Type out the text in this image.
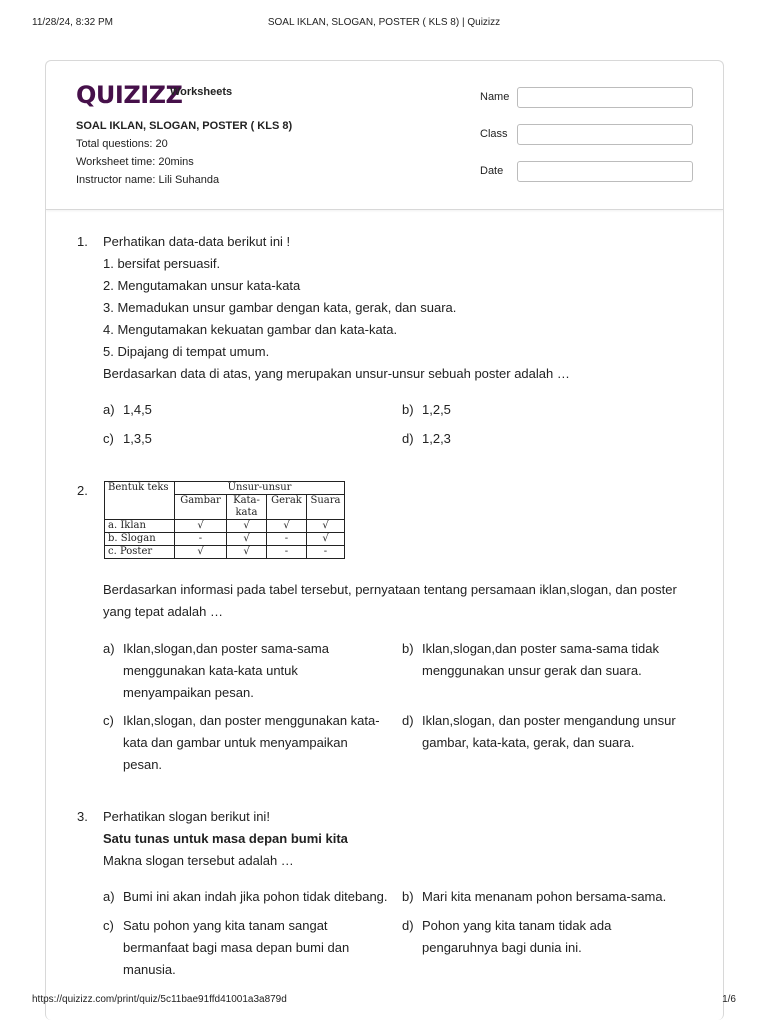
11/28/24, 8:32 PM	SOAL IKLAN, SLOGAN, POSTER ( KLS 8) | Quizizz
QUIZIZZ
Worksheets
SOAL IKLAN, SLOGAN, POSTER ( KLS 8)
Total questions: 20
Worksheet time: 20mins
Instructor name: Lili Suhanda
Name
Class
Date
1. Perhatikan data-data berikut ini !
1. bersifat persuasif.
2. Mengutamakan unsur kata-kata
3. Memadukan unsur gambar dengan kata, gerak, dan suara.
4. Mengutamakan kekuatan gambar dan kata-kata.
5. Dipajang di tempat umum.
Berdasarkan data di atas, yang merupakan unsur-unsur sebuah poster adalah …
a) 1,4,5	b) 1,2,5
c) 1,3,5	d) 1,2,3
2. Bentuk teks	Unsur-unsur			
	Gambar	Kata-kata	Gerak	Suara
a. Iklan	√	√	√	√
b. Slogan	-	√	-	√
c. Poster	√	√	-	-
Berdasarkan informasi pada tabel tersebut, pernyataan tentang persamaan iklan,slogan, dan poster
yang tepat adalah …
a) Iklan,slogan,dan poster sama-sama
menggunakan kata-kata untuk
menyampaikan pesan.
b) Iklan,slogan,dan poster sama-sama tidak
menggunakan unsur gerak dan suara.
c) Iklan,slogan, dan poster menggunakan kata-
kata dan gambar untuk menyampaikan
pesan.
d) Iklan,slogan, dan poster mengandung unsur
gambar, kata-kata, gerak, dan suara.
3. Perhatikan slogan berikut ini!
Satu tunas untuk masa depan bumi kita
Makna slogan tersebut adalah …
a) Bumi ini akan indah jika pohon tidak ditebang.	b) Mari kita menanam pohon bersama-sama.
c) Satu pohon yang kita tanam sangat
bermanfaat bagi masa depan bumi dan
manusia.
d) Pohon yang kita tanam tidak ada
pengaruhnya bagi dunia ini.
https://quizizz.com/print/quiz/5c11bae91ffd41001a3a879d	1/6
